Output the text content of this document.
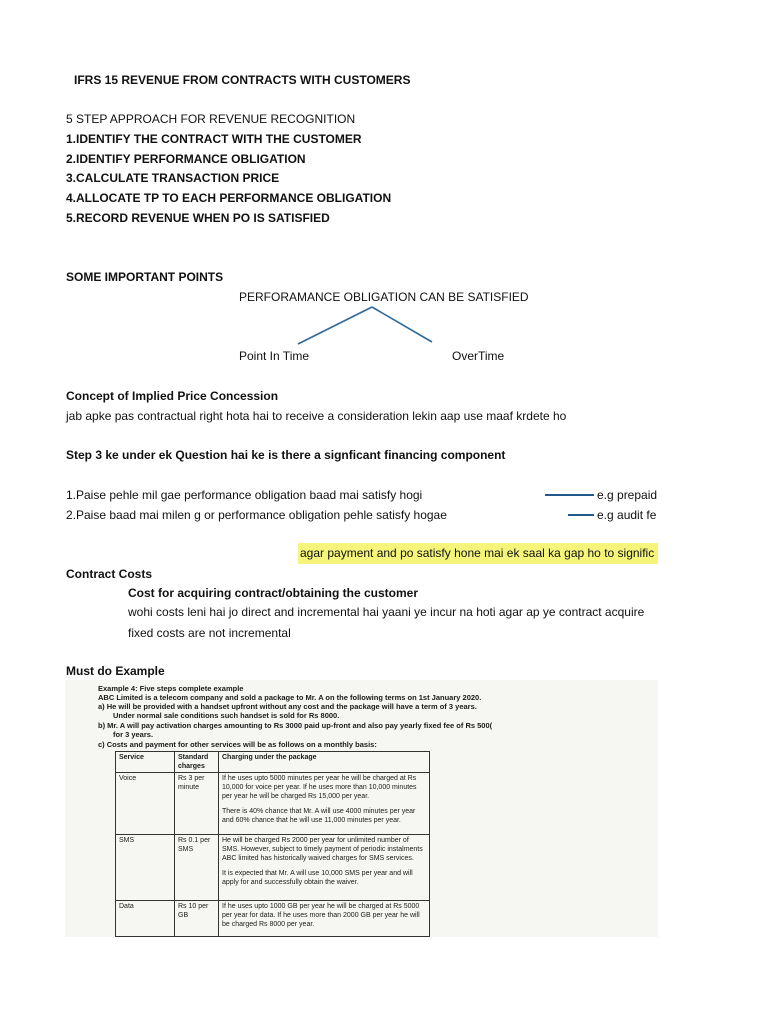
IFRS 15 REVENUE FROM CONTRACTS WITH CUSTOMERS
5 STEP APPROACH FOR REVENUE RECOGNITION
1.IDENTIFY THE CONTRACT WITH THE CUSTOMER
2.IDENTIFY PERFORMANCE OBLIGATION
3.CALCULATE TRANSACTION PRICE
4.ALLOCATE TP TO EACH PERFORMANCE OBLIGATION
5.RECORD REVENUE WHEN PO IS SATISFIED
SOME IMPORTANT POINTS
PERFORAMANCE OBLIGATION CAN BE SATISFIED
Point In Time	OverTime
Concept of Implied Price Concession
jab apke pas contractual right hota hai to receive a consideration lekin aap use maaf krdete ho
Step 3 ke under ek Question hai ke is there a signficant financing component
1.Paise pehle mil gae performance obligation baad mai satisfy hogi	e.g prepaid
2.Paise baad mai milen g or performance obligation pehle satisfy hogae	e.g audit fe
agar payment and po satisfy hone mai ek saal ka gap ho to signific
Contract Costs
Cost for acquiring contract/obtaining the customer
wohi costs leni hai jo direct and incremental hai yaani ye incur na hoti agar ap ye contract acquire
fixed costs are not incremental
Must do Example
Example 4: Five steps complete example
ABC Limited is a telecom company and sold a package to Mr. A on the following terms on 1st January 2020.
a) He will be provided with a handset upfront without any cost and the package will have a term of 3 years.
Under normal sale conditions such handset is sold for Rs 8000.
b) Mr. A will pay activation charges amounting to Rs 3000 paid up-front and also pay yearly fixed fee of Rs 500(
for 3 years.
c) Costs and payment for other services will be as follows on a monthly basis:
Service	Standard charges	Charging under the package
Voice	Rs 3 per minute	If he uses upto 5000 minutes per year he will be charged at Rs 10,000 for voice per year. If he uses more than 10,000 minutes per year he will be charged Rs 15,000 per year.

There is 40% chance that Mr. A will use 4000 minutes per year and 60% chance that he will use 11,000 minutes per year.

SMS	Rs 0.1 per SMS	He will be charged Rs 2000 per year for unlimited number of SMS. However, subject to timely payment of periodic instalments ABC limited has historically waived charges for SMS services.

It is expected that Mr. A will use 10,000 SMS per year and will apply for and successfully obtain the waiver.

Data	Rs 10 per GB	If he uses upto 1000 GB per year he will be charged at Rs 5000 per year for data. If he uses more than 2000 GB per year he will be charged Rs 8000 per year.
